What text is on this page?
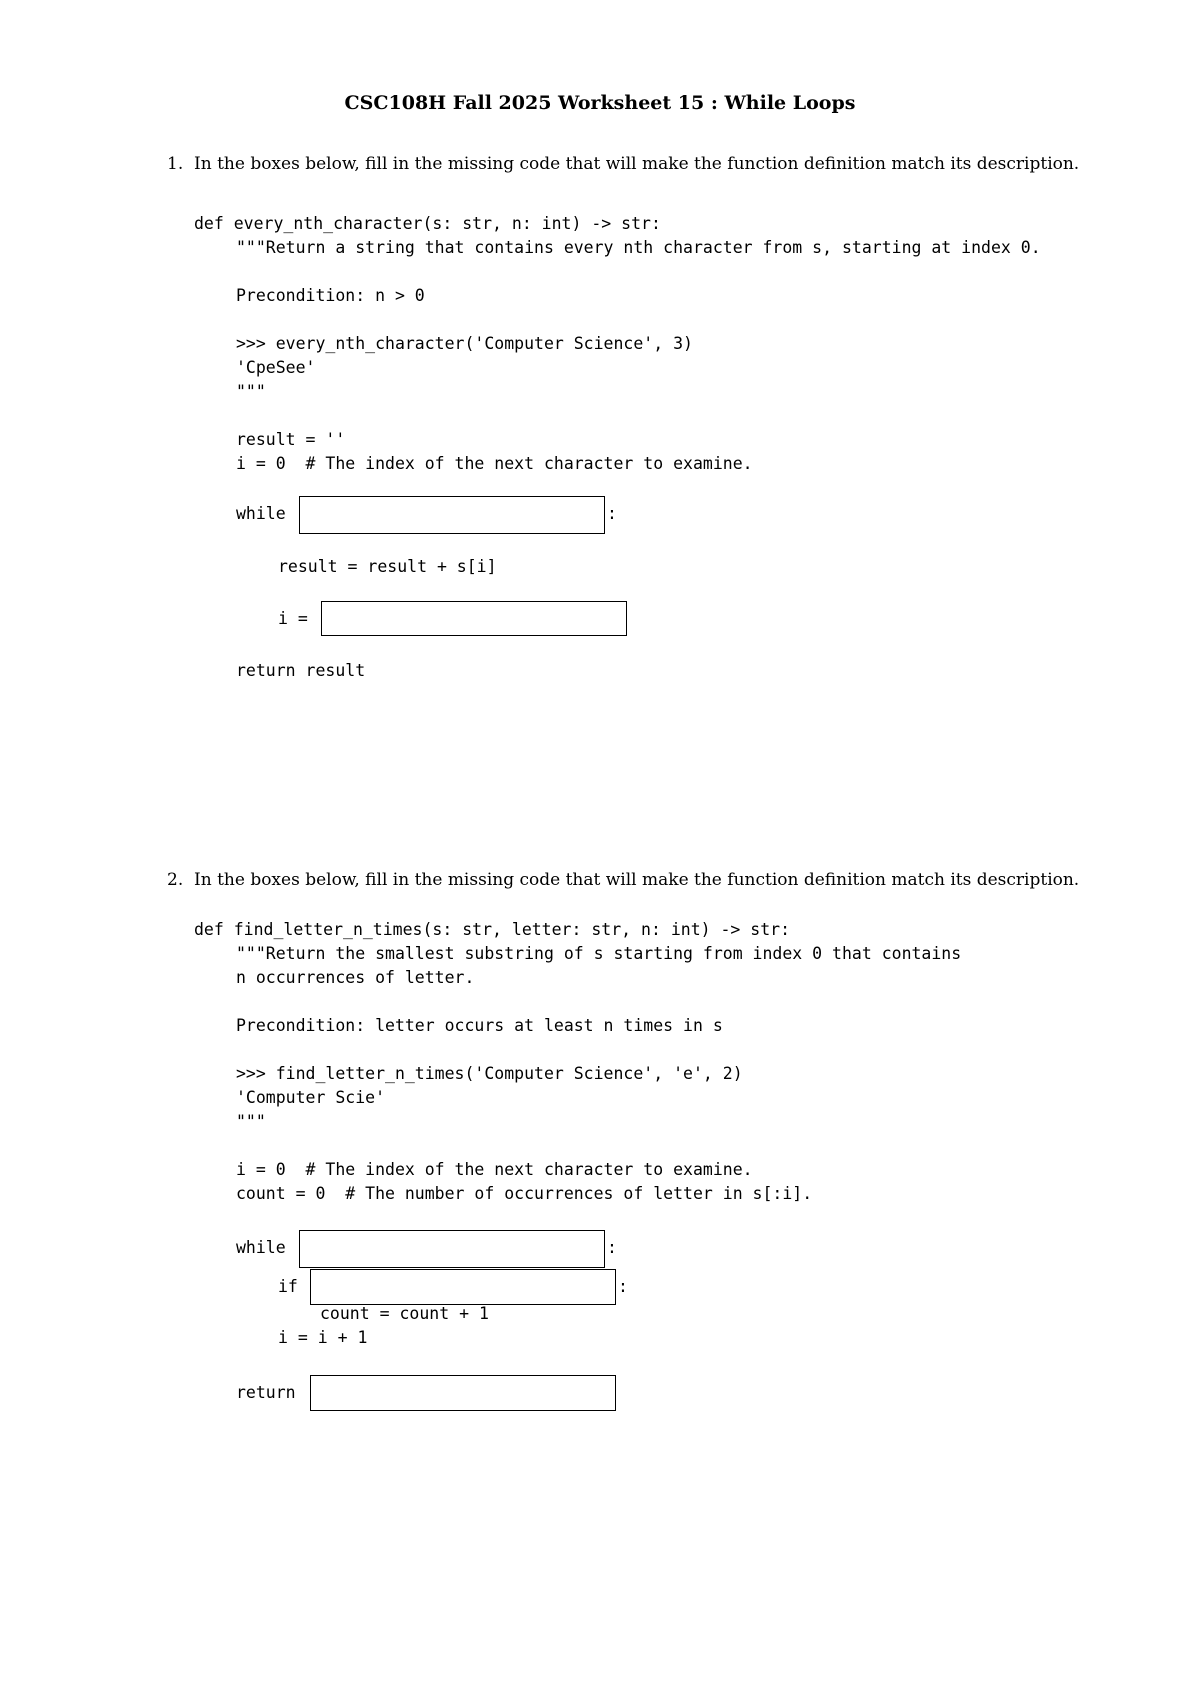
CSC108H Fall 2025 Worksheet 15 : While Loops
1. In the boxes below, fill in the missing code that will make the function definition match its description.
def every_nth_character(s: str, n: int) -> str:
"""Return a string that contains every nth character from s, starting at index 0.
Precondition: n > 0
>>> every_nth_character('Computer Science', 3)
'CpeSee'
"""
result = ''
i = 0  # The index of the next character to examine.
while	:
result = result + s[i]
i =
return result
2. In the boxes below, fill in the missing code that will make the function definition match its description.
def find_letter_n_times(s: str, letter: str, n: int) -> str:
"""Return the smallest substring of s starting from index 0 that contains
n occurrences of letter.
Precondition: letter occurs at least n times in s
>>> find_letter_n_times('Computer Science', 'e', 2)
'Computer Scie'
"""
i = 0  # The index of the next character to examine.
count = 0  # The number of occurrences of letter in s[:i].
while	:
if	:
count = count + 1
i = i + 1
return
